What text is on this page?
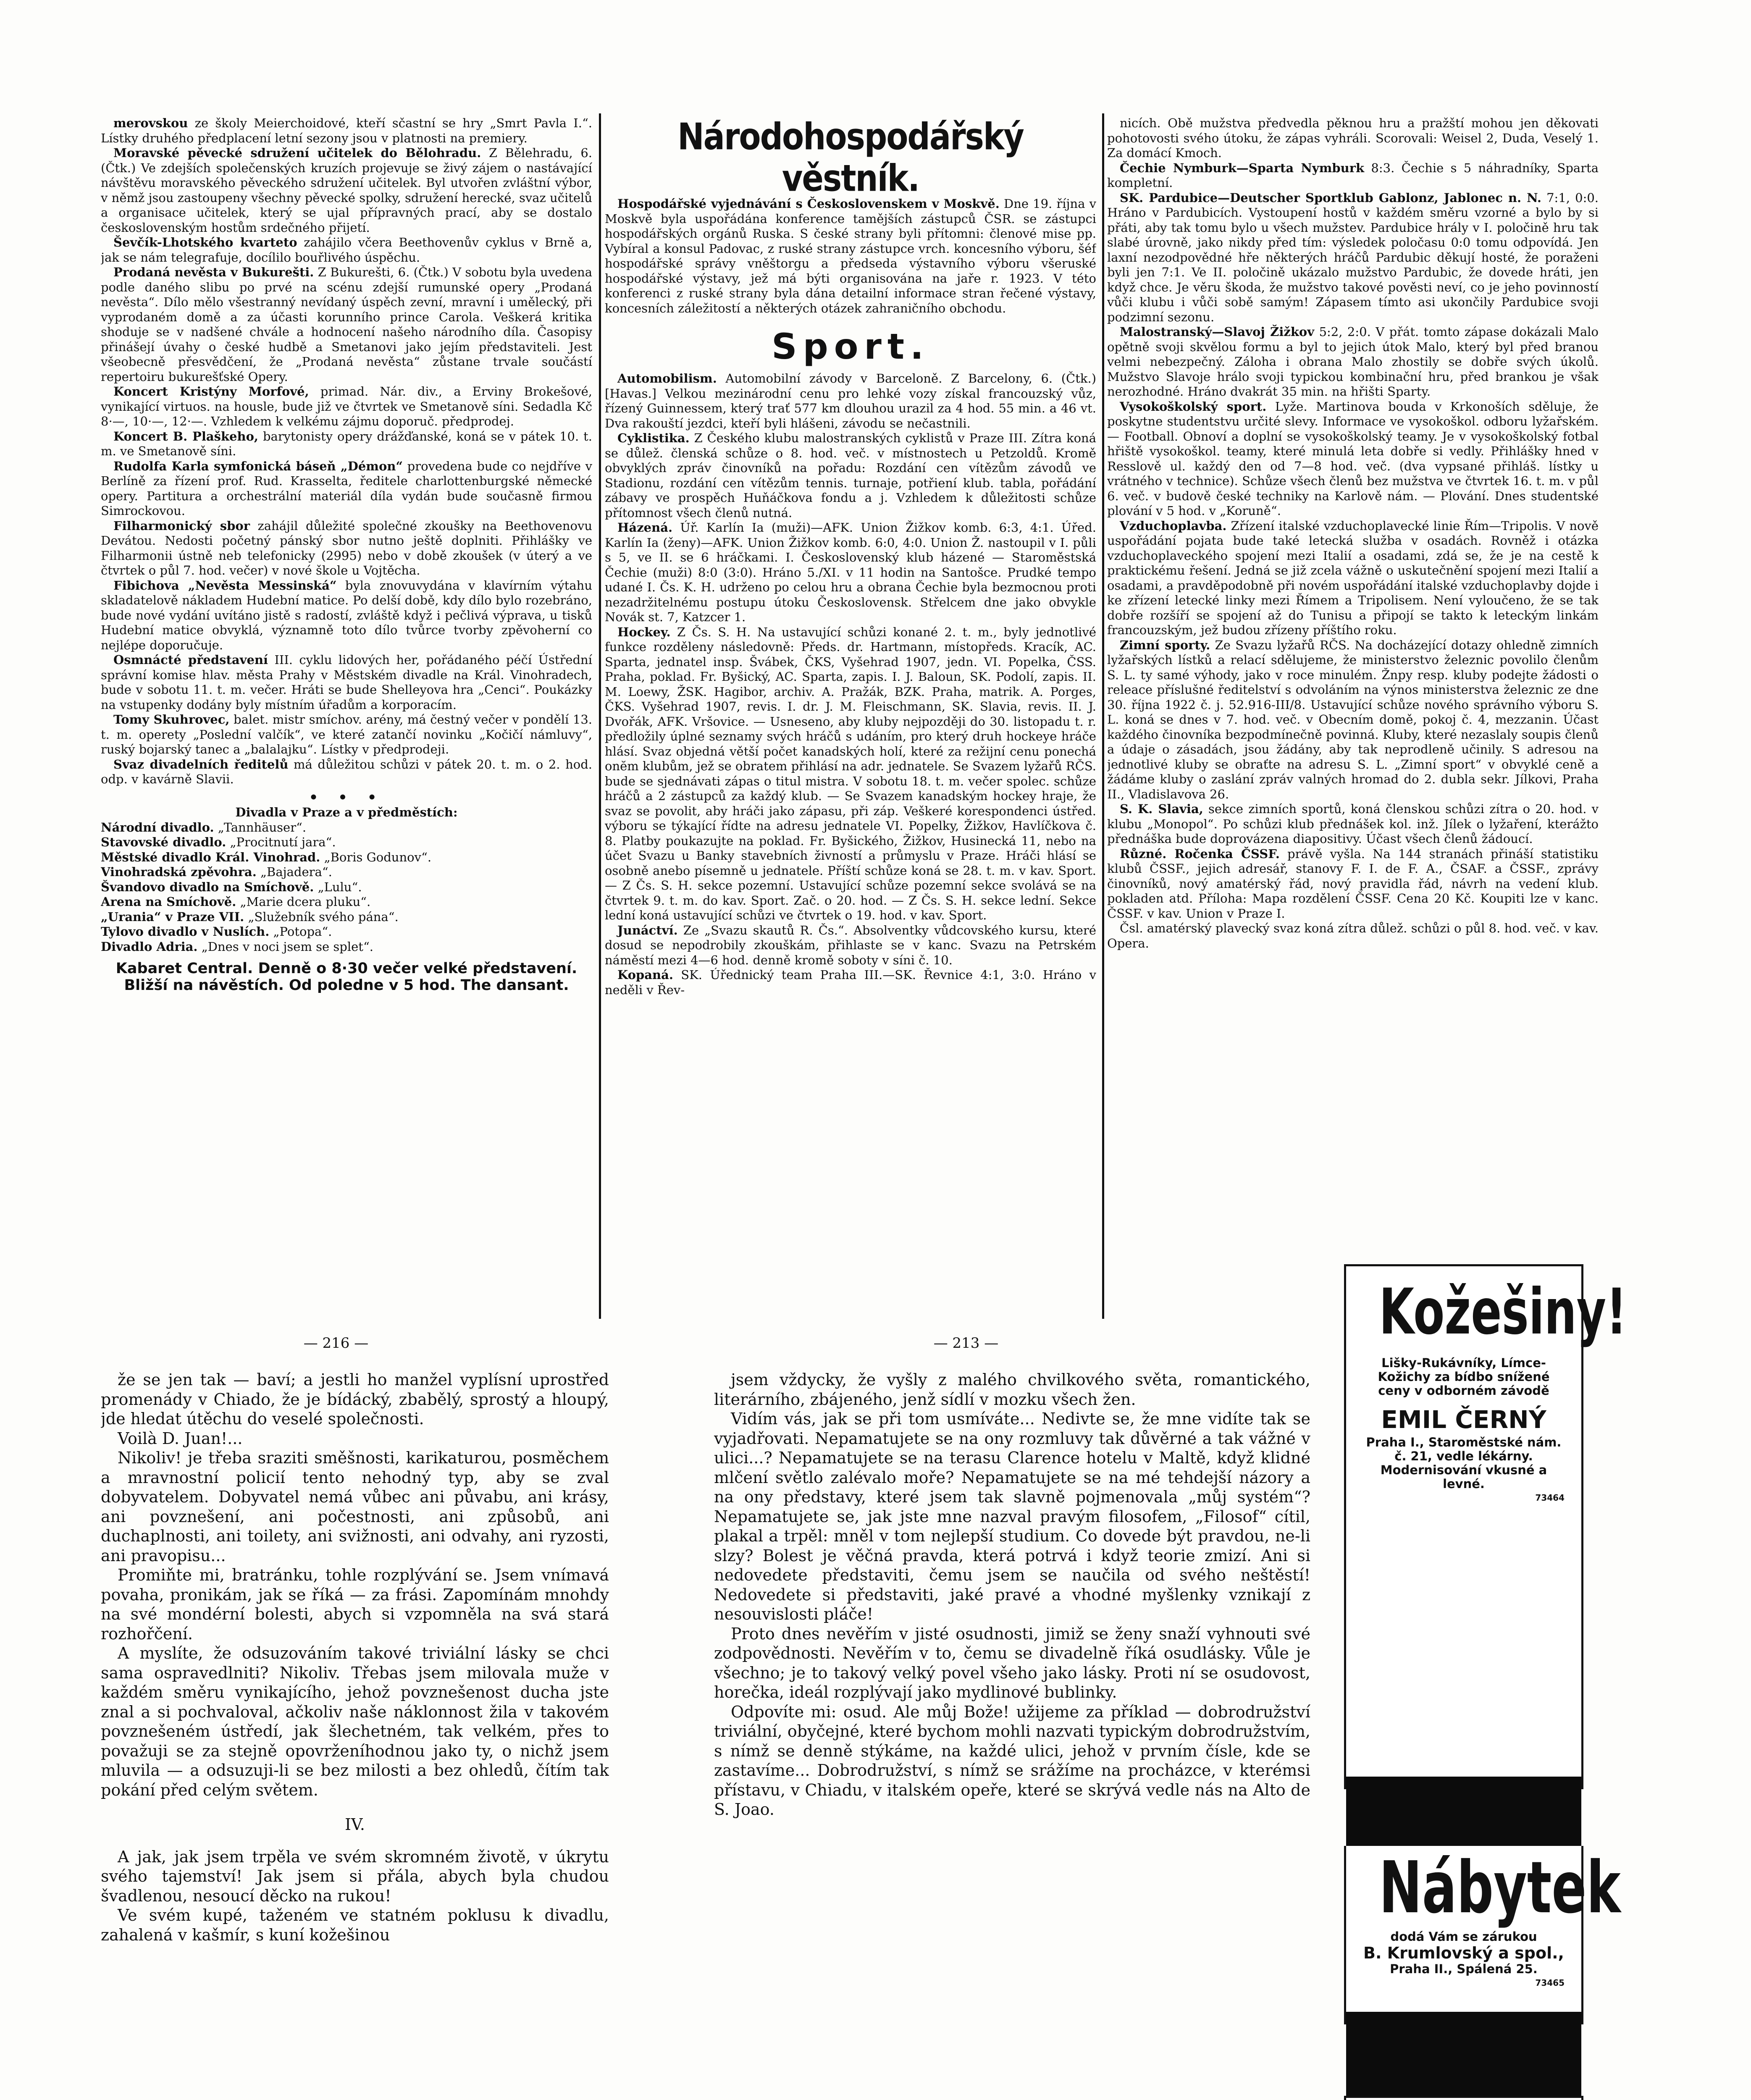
merovskou ze školy Meierchoidové, kteří sčastní se hry „Smrt Pavla I.“. Lístky druhého předplacení letní sezony jsou v platnosti na premiery.

Moravské pěvecké sdružení učitelek do Bělohradu. Z Bělehradu, 6. (Čtk.) Ve zdejších společenských kruzích projevuje se živý zájem o nastávající návštěvu moravského pěveckého sdružení učitelek. Byl utvořen zvláštní výbor, v němž jsou zastoupeny všechny pěvecké spolky, sdružení herecké, svaz učitelů a organisace učitelek, který se ujal přípravných prací, aby se dostalo československým hostům srdečného přijetí.

Ševčík-Lhotského kvarteto zahájilo včera Beethovenův cyklus v Brně a, jak se nám telegrafuje, docílilo bouřlivého úspěchu.

Prodaná nevěsta v Bukurešti. Z Bukurešti, 6. (Čtk.) V sobotu byla uvedena podle daného slibu po prvé na scénu zdejší rumunské opery „Prodaná nevěsta“. Dílo mělo všestranný nevídaný úspěch zevní, mravní i umělecký, při vyprodaném domě a za účasti korunního prince Carola. Veškerá kritika shoduje se v nadšené chvále a hodnocení našeho národního díla. Časopisy přinášejí úvahy o české hudbě a Smetanovi jako jejím představiteli. Jest všeobecně přesvědčení, že „Prodaná nevěsta“ zůstane trvale součástí repertoiru bukurešťské Opery.

Koncert Kristýny Morfové, primad. Nár. div., a Erviny Brokešové, vynikající virtuos. na housle, bude již ve čtvrtek ve Smetanově síni. Sedadla Kč 8·—, 10·—, 12·—. Vzhledem k velkému zájmu doporuč. předprodej.

Koncert B. Plaškeho, barytonisty opery drážďanské, koná se v pátek 10. t. m. ve Smetanově síni.

Rudolfa Karla symfonická báseň „Démon“ provedena bude co nejdříve v Berlíně za řízení prof. Rud. Krasselta, ředitele charlottenburgské německé opery. Partitura a orchestrální materiál díla vydán bude současně firmou Simrockovou.

Filharmonický sbor zahájil důležité společné zkoušky na Beethovenovu Devátou. Nedosti početný pánský sbor nutno ještě doplniti. Přihlášky ve Filharmonii ústně neb telefonicky (2995) nebo v době zkoušek (v úterý a ve čtvrtek o půl 7. hod. večer) v nové škole u Vojtěcha.

Fibichova „Nevěsta Messinská“ byla znovuvydána v klavírním výtahu skladatelově nákladem Hudební matice. Po delší době, kdy dílo bylo rozebráno, bude nové vydání uvítáno jistě s radostí, zvláště když i pečlivá výprava, u tisků Hudební matice obvyklá, významně toto dílo tvůrce tvorby zpěvoherní co nejlépe doporučuje.

Osmnácté představení III. cyklu lidových her, pořádaného péčí Ústřední správní komise hlav. města Prahy v Městském divadle na Král. Vinohradech, bude v sobotu 11. t. m. večer. Hráti se bude Shelleyova hra „Cenci“. Poukázky na vstupenky dodány byly místním úřadům a korporacím.

Tomy Skuhrovec, balet. mistr smíchov. arény, má čestný večer v pondělí 13. t. m. operety „Poslední valčík“, ve které zatančí novinku „Kočičí námluvy“, ruský bojarský tanec a „balalajku“. Lístky v předprodeji.

Svaz divadelních ředitelů má důležitou schůzi v pátek 20. t. m. o 2. hod. odp. v kavárně Slavii.

• • •
Divadla v Praze a v předměstích:
Národní divadlo. „Tannhäuser“.
Stavovské divadlo. „Procitnutí jara“.
Městské divadlo Král. Vinohrad. „Boris Godunov“.
Vinohradská zpěvohra. „Bajadera“.
Švandovo divadlo na Smíchově. „Lulu“.
Arena na Smíchově. „Marie dcera pluku“.
„Urania“ v Praze VII. „Služebník svého pána“.
Tylovo divadlo v Nuslích. „Potopa“.
Divadlo Adria. „Dnes v noci jsem se splet“.
Kabaret Central. Denně o 8·30 večer velké představení. Bližší na návěstích. Od poledne v 5 hod. The dansant.
Národohospodářský věstník.

Hospodářské vyjednávání s Československem v Moskvě. Dne 19. října v Moskvě byla uspořádána konference tamějších zástupců ČSR. se zástupci hospodářských orgánů Ruska. S české strany byli přítomni: členové mise pp. Vybíral a konsul Padovac, z ruské strany zástupce vrch. koncesního výboru, šéf hospodářské správy vněštorgu a předseda výstavního výboru všeruské hospodářské výstavy, jež má býti organisována na jaře r. 1923. V této konferenci z ruské strany byla dána detailní informace stran řečené výstavy, koncesních záležitostí a některých otázek zahraničního obchodu.

Sport.

Automobilism. Automobilní závody v Barceloně. Z Barcelony, 6. (Čtk.) [Havas.] Velkou mezinárodní cenu pro lehké vozy získal francouzský vůz, řízený Guinnessem, který trať 577 km dlouhou urazil za 4 hod. 55 min. a 46 vt. Dva rakouští jezdci, kteří byli hlášeni, závodu se nečastnili.

Cyklistika. Z Českého klubu malostranských cyklistů v Praze III. Zítra koná se důlež. členská schůze o 8. hod. več. v místnostech u Petzoldů. Kromě obvyklých zpráv činovníků na pořadu: Rozdání cen vítězům závodů ve Stadionu, rozdání cen vítězům tennis. turnaje, potřiení klub. tabla, pořádání zábavy ve prospěch Huňáčkova fondu a j. Vzhledem k důležitosti schůze přítomnost všech členů nutná.

Házená. Úř. Karlín Ia (muži)—AFK. Union Žižkov komb. 6:3, 4:1. Úřed. Karlín Ia (ženy)—AFK. Union Žižkov komb. 6:0, 4:0. Union Ž. nastoupil v I. půli s 5, ve II. se 6 hráčkami. I. Československý klub házené — Staroměstská Čechie (muži) 8:0 (3:0). Hráno 5./XI. v 11 hodin na Santošce. Prudké tempo udané I. Čs. K. H. udrženo po celou hru a obrana Čechie byla bezmocnou proti nezadržitelnému postupu útoku Československ. Střelcem dne jako obvykle Novák st. 7, Katzcer 1.

Hockey. Z Čs. S. H. Na ustavující schůzi konané 2. t. m., byly jednotlivé funkce rozděleny následovně: Předs. dr. Hartmann, místopředs. Kracík, AC. Sparta, jednatel insp. Švábek, ČKS, Vyšehrad 1907, jedn. VI. Popelka, ČSS. Praha, poklad. Fr. Byšický, AC. Sparta, zapis. I. J. Baloun, SK. Podolí, zapis. II. M. Loewy, ŽSK. Hagibor, archiv. A. Pražák, BZK. Praha, matrik. A. Porges, ČKS. Vyšehrad 1907, revis. I. dr. J. M. Fleischmann, SK. Slavia, revis. II. J. Dvořák, AFK. Vršovice. — Usneseno, aby kluby nejpozději do 30. listopadu t. r. předložily úplné seznamy svých hráčů s udáním, pro který druh hockeye hráče hlásí. Svaz objedná větší počet kanadských holí, které za režijní cenu ponechá onĕm klubům, jež se obratem přihlásí na adr. jednatele. Se Svazem lyžařů RČS. bude se sjednávati zápas o titul mistra. V sobotu 18. t. m. večer spolec. schůze hráčů a 2 zástupců za každý klub. — Se Svazem kanadským hockey hraje, že svaz se povolit, aby hráči jako zápasu, při záp. Veškeré korespondenci ústřed. výboru se týkající řídte na adresu jednatele VI. Popelky, Žižkov, Havlíčkova č. 8. Platby poukazujte na poklad. Fr. Byšického, Žižkov, Husinecká 11, nebo na účet Svazu u Banky stavebních živností a průmyslu v Praze. Hráči hlásí se osobně anebo písemně u jednatele. Příští schůze koná se 28. t. m. v kav. Sport. — Z Čs. S. H. sekce pozemní. Ustavující schůze pozemní sekce svolává se na čtvrtek 9. t. m. do kav. Sport. Zač. o 20. hod. — Z Čs. S. H. sekce lední. Sekce lední koná ustavující schůzi ve čtvrtek o 19. hod. v kav. Sport.

Junáctví. Ze „Svazu skautů R. Čs.“. Absolventky vůdcovského kursu, které dosud se nepodrobily zkouškám, přihlaste se v kanc. Svazu na Petrském náměstí mezi 4—6 hod. denně kromě soboty v síni č. 10.

Kopaná. SK. Úřednický team Praha III.—SK. Řevnice 4:1, 3:0. Hráno v neděli v Řev-

nicích. Obě mužstva předvedla pěknou hru a pražští mohou jen děkovati pohotovosti svého útoku, že zápas vyhráli. Scorovali: Weisel 2, Duda, Veselý 1. Za domácí Kmoch.

Čechie Nymburk—Sparta Nymburk 8:3. Čechie s 5 náhradníky, Sparta kompletní.

SK. Pardubice—Deutscher Sportklub Gablonz, Jablonec n. N. 7:1, 0:0. Hráno v Pardubicích. Vystoupení hostů v každém směru vzorné a bylo by si přáti, aby tak tomu bylo u všech mužstev. Pardubice hrály v I. poločině hru tak slabé úrovně, jako nikdy před tím: výsledek poločasu 0:0 tomu odpovídá. Jen laxní nezodpovědné hře některých hráčů Pardubic děkují hosté, že poraženi byli jen 7:1. Ve II. poločině ukázalo mužstvo Pardubic, že dovede hráti, jen když chce. Je věru škoda, že mužstvo takové pověsti neví, co je jeho povinností vůči klubu i vůči sobě samým! Zápasem tímto asi ukončily Pardubice svoji podzimní sezonu.

Malostranský—Slavoj Žižkov 5:2, 2:0. V přát. tomto zápase dokázali Malo opětně svoji skvělou formu a byl to jejich útok Malo, který byl před branou velmi nebezpečný. Záloha i obrana Malo zhostily se dobře svých úkolů. Mužstvo Slavoje hrálo svoji typickou kombinační hru, před brankou je však nerozhodné. Hráno dvakrát 35 min. na hřišti Sparty.

Vysokoškolský sport. Lyže. Martinova bouda v Krkonoších sděluje, že poskytne studentstvu určité slevy. Informace ve vysokoškol. odboru lyžařském. — Football. Obnoví a doplní se vysokoškolský teamy. Je v vysokoškolský fotbal hřiště vysokoškol. teamy, které minulá leta dobře si vedly. Přihlášky hned v Resslově ul. každý den od 7—8 hod. več. (dva vypsané přihláš. lístky u vrátného v technice). Schůze všech členů bez mužstva ve čtvrtek 16. t. m. v půl 6. več. v budově české techniky na Karlově nám. — Plování. Dnes studentské plování v 5 hod. v „Koruně“.

Vzduchoplavba. Zřízení italské vzduchoplavecké linie Řím—Tripolis. V nově uspořádání pojata bude také letecká služba v osadách. Rovněž i otázka vzduchoplaveckého spojení mezi Italií a osadami, zdá se, že je na cestě k praktickému řešení. Jedná se již zcela vážně o uskutečnění spojení mezi Italií a osadami, a pravděpodobně při novém uspořádání italské vzduchoplavby dojde i ke zřízení letecké linky mezi Římem a Tripolisem. Není vyloučeno, že se tak dobře rozšíří se spojení až do Tunisu a připojí se takto k leteckým linkám francouzským, jež budou zřízeny příštího roku.

Zimní sporty. Ze Svazu lyžařů RČS. Na docházející dotazy ohledně zimních lyžařských lístků a relací sdělujeme, že ministerstvo železnic povolilo členům S. L. ty samé výhody, jako v roce minulém. Žnpy resp. kluby podejte žádosti o releace příslušné ředitelství s odvoláním na výnos ministerstva železnic ze dne 30. října 1922 č. j. 52.916-III/8. Ustavující schůze nového správního výboru S. L. koná se dnes v 7. hod. več. v Obecním domě, pokoj č. 4, mezzanin. Účast každého činovníka bezpodmínečně povinná. Kluby, které nezaslaly soupis členů a údaje o zásadách, jsou žádány, aby tak neprodleně učinily. S adresou na jednotlivé kluby se obraťte na adresu S. L. „Zimní sport“ v obvyklé ceně a žádáme kluby o zaslání zpráv valných hromad do 2. dubla sekr. Jílkovi, Praha II., Vladislavova 26.

S. K. Slavia, sekce zimních sportů, koná členskou schůzi zítra o 20. hod. v klubu „Monopol“. Po schůzi klub přednášek kol. inž. Jílek o lyžaření, kterážto přednáška bude doprovázena diapositivy. Účast všech členů žádoucí.

Různé. Ročenka ČSSF. právě vyšla. Na 144 stranách přináší statistiku klubů ČSSF., jejich adresář, stanovy F. I. de F. A., ČSAF. a ČSSF., zprávy činovníků, nový amatérský řád, nový pravidla řád, návrh na vedení klub. pokladen atd. Příloha: Mapa rozdělení ČSSF. Cena 20 Kč. Koupiti lze v kanc. ČSSF. v kav. Union v Praze I.

Čsl. amatérský plavecký svaz koná zítra důlež. schůzi o půl 8. hod. več. v kav. Opera.

— 216 —	— 213 —

že se jen tak — baví; a jestli ho manžel vyplísní uprostřed promenády v Chiado, že je bídácký, zbabělý, sprostý a hloupý, jde hledat útěchu do veselé společnosti.

Voilà D. Juan!...

Nikoliv! je třeba sraziti směšnosti, karikaturou, posměchem a mravnostní policií tento nehodný typ, aby se zval dobyvatelem. Dobyvatel nemá vůbec ani půvabu, ani krásy, ani povznešení, ani počestnosti, ani způsobů, ani duchaplnosti, ani toilety, ani svižnosti, ani odvahy, ani ryzosti, ani pravopisu...

Promiňte mi, bratránku, tohle rozplývání se. Jsem vnímavá povaha, pronikám, jak se říká — za frási. Zapomínám mnohdy na své mondérní bolesti, abych si vzpomněla na svá stará rozhořčení.

A myslíte, že odsuzováním takové triviální lásky se chci sama ospravedlniti? Nikoliv. Třebas jsem milovala muže v každém směru vynikajícího, jehož povznešenost ducha jste znal a si pochvaloval, ačkoliv naše náklonnost žila v takovém povznešeném ústředí, jak šlechetném, tak velkém, přes to považuji se za stejně opovrženíhodnou jako ty, o nichž jsem mluvila — a odsuzuji-li se bez milosti a bez ohledů, čítím tak pokání před celým světem.

IV.

A jak, jak jsem trpěla ve svém skromném životě, v úkrytu svého tajemství! Jak jsem si přála, abych byla chudou švadlenou, nesoucí děcko na rukou!

Ve svém kupé, taženém ve statném poklusu k divadlu, zahalená v kašmír, s kuní kožešinou

jsem vždycky, že vyšly z malého chvilkového světa, romantického, literárního, zbájeného, jenž sídlí v mozku všech žen.

Vidím vás, jak se při tom usmíváte... Nedivte se, že mne vidíte tak se vyjadřovati. Nepamatujete se na ony rozmluvy tak důvěrné a tak vážné v ulici...? Nepamatujete se na terasu Clarence hotelu v Maltě, když klidné mlčení světlo zalévalo moře? Nepamatujete se na mé tehdejší názory a na ony představy, které jsem tak slavně pojmenovala „můj systém“? Nepamatujete se, jak jste mne nazval pravým filosofem, „Filosof“ cítil, plakal a trpěl: mněl v tom nejlepší studium. Co dovede být pravdou, ne-li slzy? Bolest je věčná pravda, která potrvá i když teorie zmizí. Ani si nedovedete představiti, čemu jsem se naučila od svého neštěstí! Nedovedete si představiti, jaké pravé a vhodné myšlenky vznikají z nesouvislosti pláče!

Proto dnes nevěřím v jisté osudnosti, jimiž se ženy snaží vyhnouti své zodpovědnosti. Nevěřím v to, čemu se divadelně říká osudlásky. Vůle je všechno; je to takový velký povel všeho jako lásky. Proti ní se osudovost, horečka, ideál rozplývají jako mydlinové bublinky.

Odpovíte mi: osud. Ale můj Bože! užijeme za příklad — dobrodružství triviální, obyčejné, které bychom mohli nazvati typickým dobrodružstvím, s nímž se denně stýkáme, na každé ulici, jehož v prvním čísle, kde se zastavíme... Dobrodružství, s nímž se srážíme na procházce, v kterémsi přístavu, v Chiadu, v italském opeře, které se skrývá vedle nás na Alto de S. Joao.

Kožešiny!
Lišky-Rukávníky, Límce-Kožichy za bídbo snížené ceny v odborném závodě
EMIL ČERNÝ
Praha I., Staroměstské nám. č. 21, vedle lékárny. Modernisování vkusné a levné.
73464
Nábytek
dodá Vám se zárukou
B. Krumlovský a spol.,
Praha II., Spálená 25.
73465
